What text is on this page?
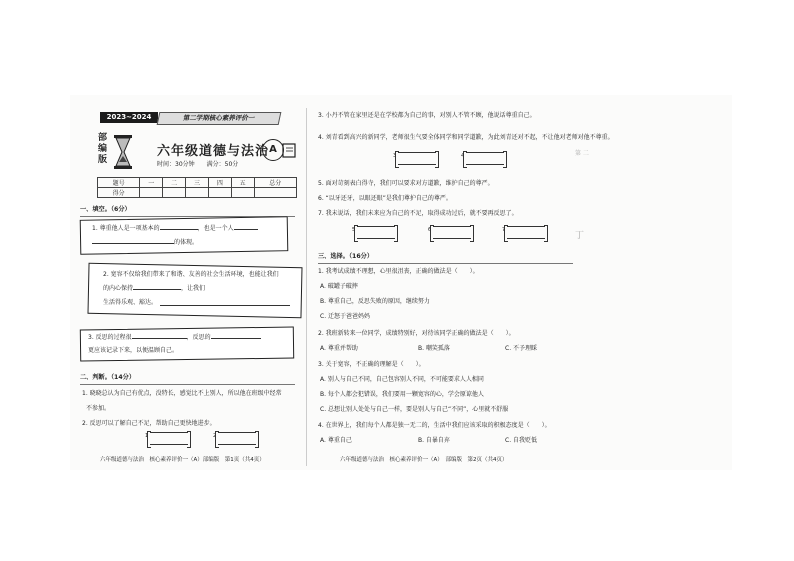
2023~2024	第二学期核心素养评价一
部编版
六年级道德与法治
时间：30分钟　　满分：50分
A
题号	一	二	三	四	五	总分
得分						
一、填空。（6分）
1. 尊重他人是一项基本的	，也是一个人
的体现。
2. 宽容不仅给我们带来了和谐、友善的社会生活环境，也能让我们
的内心保持	，让我们
生活得乐观、豁达。
3. 反思的过程很	，反思的
更应该记录下来，以便温顾自己。
二、判断。（14分）
1. 晓晓总认为自己有优点，没特长，感觉比不上别人，所以他在班级中经常
不参加。
2. 反思可以了解自己不足，帮助自己更快地进步。
1	2
六年级道德与法治　核心素养评价一（A）部编版　第1页（共4页）
3. 小丹不管在家里还是在学校都为自己的事，对别人不管不顾，他说话尊重自己。
4. 刘青看到高兴的新同学，老师很生气要全体同学和同学道歉，为此刘青还对不起，不让他对老师对他不尊重。
3	4
5. 面对苛刻表白得寺，我们可以要求对方道歉，维护自己的尊严。
6. “以牙还牙，以眼还眼”是我们尊护自己的尊严。
7. 我未说话，我们未来应为自己的不足，取得成功过后，就不要再反思了。
5	6	7
第 二
丁
三、选择。（16分）
1. 我考试成绩不理想，心里很沮丧，正确的做法是（　　）。
A. 破罐子破摔
B. 尊重自己，反思失败的原因，继续努力
C. 迁怒于爸爸妈妈
2. 我班新转来一位同学，成绩特别好，对待该同学正确的做法是（　　）。
A. 尊重并帮助	B. 嘲笑孤落	C. 不予理睬
3. 关于宽容，不正确的理解是（　　）。
A. 别人与自己不同，自己包容别人不同，不可能要求人人相同
B. 每个人都会犯错误，我们要用一颗宽容的心，学会原谅他人
C. 总想让别人处处与自己一样，要是别人与自己“不同”，心里就不舒服
4. 在世界上，我们每个人都是独一无二的，生活中我们应该采取的积极态度是（　　）。
A. 尊重自己	B. 自暴自弃	C. 自我贬低
六年级道德与法治　核心素养评价一（A）　部编版　第2页（共4页）
